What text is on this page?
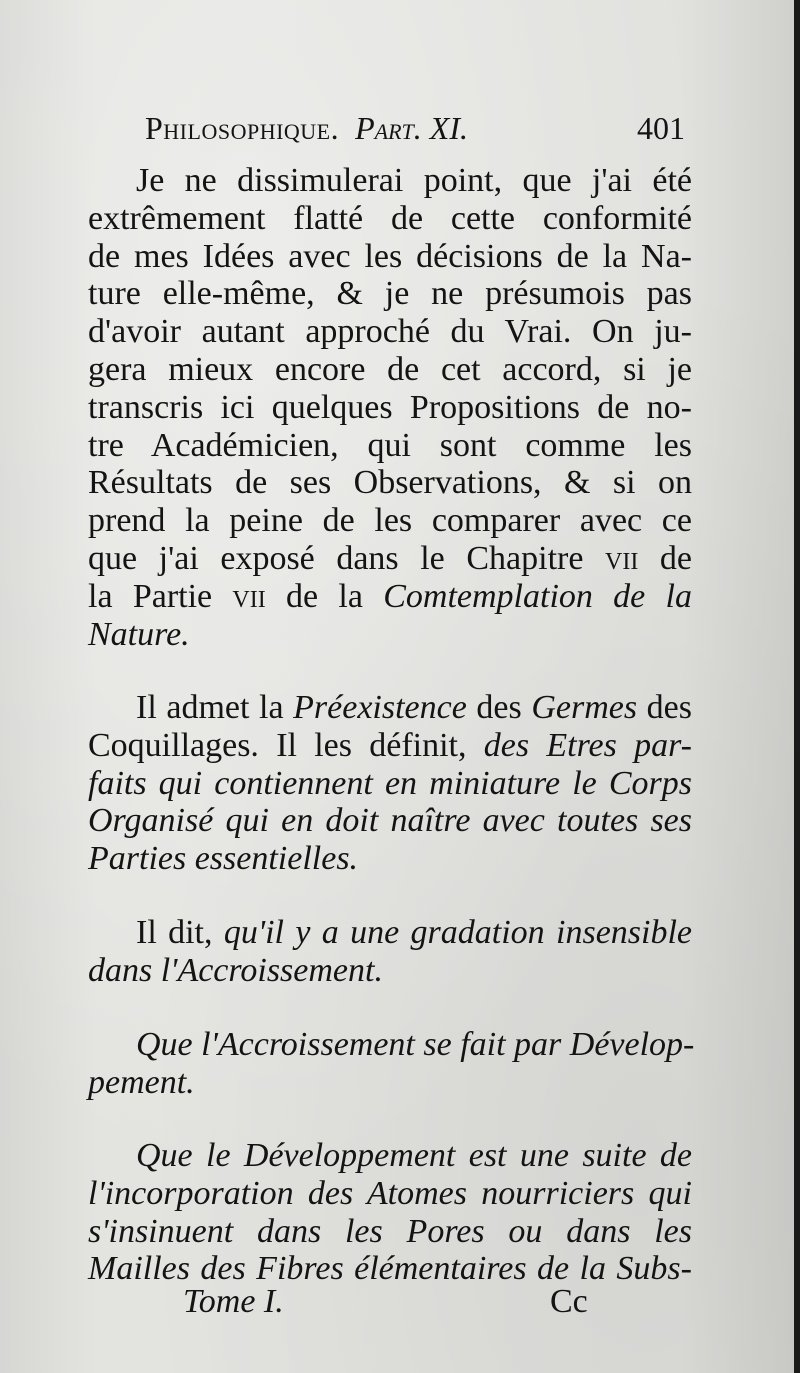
Philosophique. Part. XI.	401

Je ne dissimulerai point, que j'ai été
extrêmement flatté de cette conformité
de mes Idées avec les décisions de la Na-
ture elle-même, & je ne présumois pas
d'avoir autant approché du Vrai. On ju-
gera mieux encore de cet accord, si je
transcris ici quelques Propositions de no-
tre Académicien, qui sont comme les
Résultats de ses Observations, & si on
prend la peine de les comparer avec ce
que j'ai exposé dans le Chapitre vii de
la Partie vii de la Comtemplation de la
Nature.

Il admet la Préexistence des Germes des
Coquillages. Il les définit, des Etres par-
faits qui contiennent en miniature le Corps
Organisé qui en doit naître avec toutes ses
Parties essentielles.

Il dit, qu'il y a une gradation insensible
dans l'Accroissement.

Que l'Accroissement se fait par Dévelop-
pement.

Que le Développement est une suite de
l'incorporation des Atomes nourriciers qui
s'insinuent dans les Pores ou dans les
Mailles des Fibres élémentaires de la Subs-

Tome I.	Cc
